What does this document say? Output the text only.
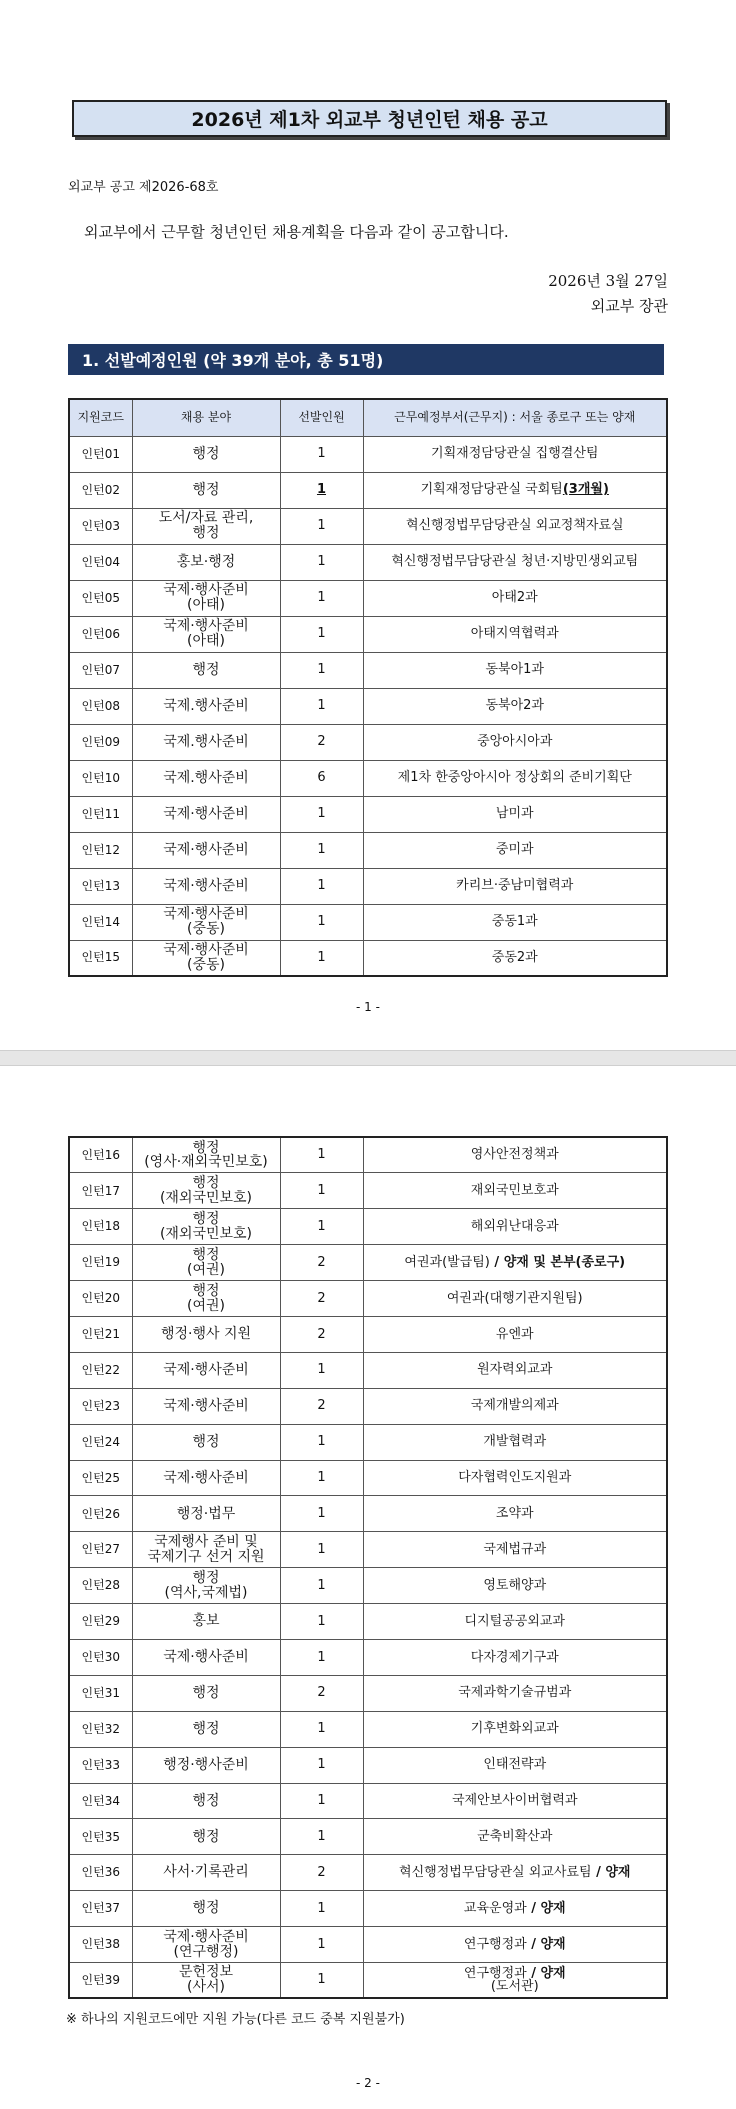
2026년 제1차 외교부 청년인턴 채용 공고
외교부 공고 제2026-68호
외교부에서 근무할 청년인턴 채용계획을 다음과 같이 공고합니다.
2026년 3월 27일
외교부 장관
1. 선발예정인원 (약 39개 분야, 총 51명)
지원코드	채용 분야	선발인원	근무예정부서(근무지) : 서울 종로구 또는 양재
인턴01	행정	1	기획재정담당관실 집행결산팀

인턴02	행정	1	기획재정담당관실 국회팀(3개월)

인턴03	도서/자료 관리,
행정	1	혁신행정법무담당관실 외교정책자료실

인턴04	홍보·행정	1	혁신행정법무담당관실 청년·지방민생외교팀

인턴05	국제·행사준비
(아태)	1	아태2과

인턴06	국제·행사준비
(아태)	1	아태지역협력과

인턴07	행정	1	동북아1과

인턴08	국제.행사준비	1	동북아2과

인턴09	국제.행사준비	2	중앙아시아과

인턴10	국제.행사준비	6	제1차 한중앙아시아 정상회의 준비기획단

인턴11	국제·행사준비	1	남미과

인턴12	국제·행사준비	1	중미과

인턴13	국제·행사준비	1	카리브·중남미협력과

인턴14	국제·행사준비
(중동)	1	중동1과

인턴15	국제·행사준비
(중동)	1	중동2과
- 1 -
- 2 -
인턴16	행정
(영사·재외국민보호)	1	영사안전정책과

인턴17	행정
(재외국민보호)	1	재외국민보호과

인턴18	행정
(재외국민보호)	1	해외위난대응과

인턴19	행정
(여권)	2	여권과(발급팀) / 양재 및 본부(종로구)

인턴20	행정
(여권)	2	여권과(대행기관지원팀)

인턴21	행정·행사 지원	2	유엔과

인턴22	국제·행사준비	1	원자력외교과

인턴23	국제·행사준비	2	국제개발의제과

인턴24	행정	1	개발협력과

인턴25	국제·행사준비	1	다자협력인도지원과

인턴26	행정·법무	1	조약과

인턴27	국제행사 준비 및
국제기구 선거 지원	1	국제법규과

인턴28	행정
(역사,국제법)	1	영토해양과

인턴29	홍보	1	디지털공공외교과

인턴30	국제·행사준비	1	다자경제기구과

인턴31	행정	2	국제과학기술규범과

인턴32	행정	1	기후변화외교과

인턴33	행정·행사준비	1	인태전략과

인턴34	행정	1	국제안보사이버협력과

인턴35	행정	1	군축비확산과

인턴36	사서·기록관리	2	혁신행정법무담당관실 외교사료팀 / 양재

인턴37	행정	1	교육운영과 / 양재

인턴38	국제·행사준비
(연구행정)	1	연구행정과 / 양재

인턴39	문헌정보
(사서)	1	연구행정과 / 양재
(도서관)
※ 하나의 지원코드에만 지원 가능(다른 코드 중복 지원불가)
